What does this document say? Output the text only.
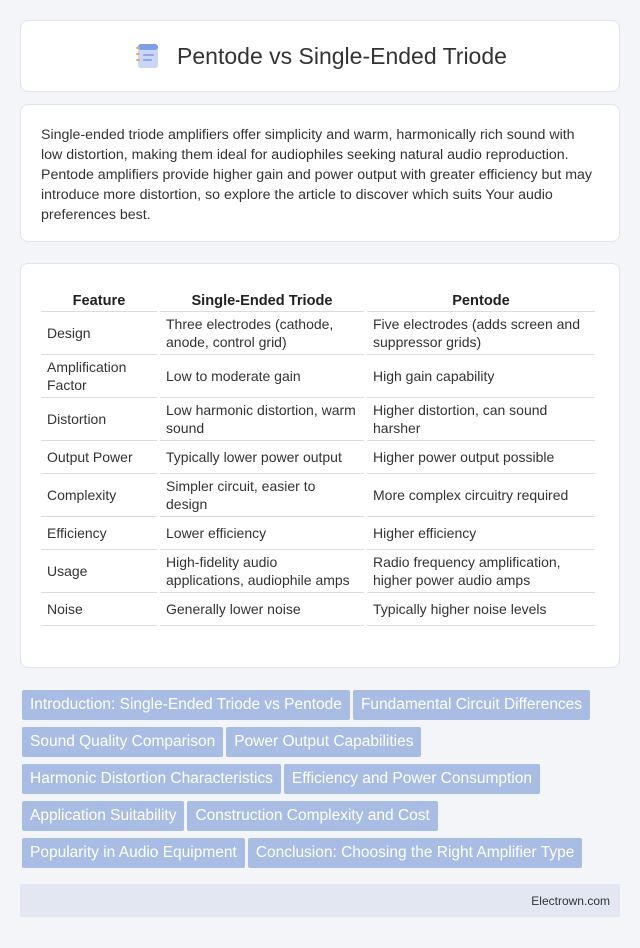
Pentode vs Single-Ended Triode

Single-ended triode amplifiers offer simplicity and warm, harmonically rich sound with low distortion, making them ideal for audiophiles seeking natural audio reproduction. Pentode amplifiers provide higher gain and power output with greater efficiency but may introduce more distortion, so explore the article to discover which suits Your audio preferences best.

Feature	Single-Ended Triode	Pentode
Design	Three electrodes (cathode, anode, control grid)	Five electrodes (adds screen and suppressor grids)
Amplification Factor	Low to moderate gain	High gain capability
Distortion	Low harmonic distortion, warm sound	Higher distortion, can sound harsher
Output Power	Typically lower power output	Higher power output possible
Complexity	Simpler circuit, easier to design	More complex circuitry required
Efficiency	Lower efficiency	Higher efficiency
Usage	High-fidelity audio applications, audiophile amps	Radio frequency amplification, higher power audio amps
Noise	Generally lower noise	Typically higher noise levels
Introduction: Single-Ended Triode vs Pentode Fundamental Circuit Differences
Sound Quality Comparison Power Output Capabilities
Harmonic Distortion Characteristics Efficiency and Power Consumption
Application Suitability Construction Complexity and Cost
Popularity in Audio Equipment Conclusion: Choosing the Right Amplifier Type
Electrown.com
